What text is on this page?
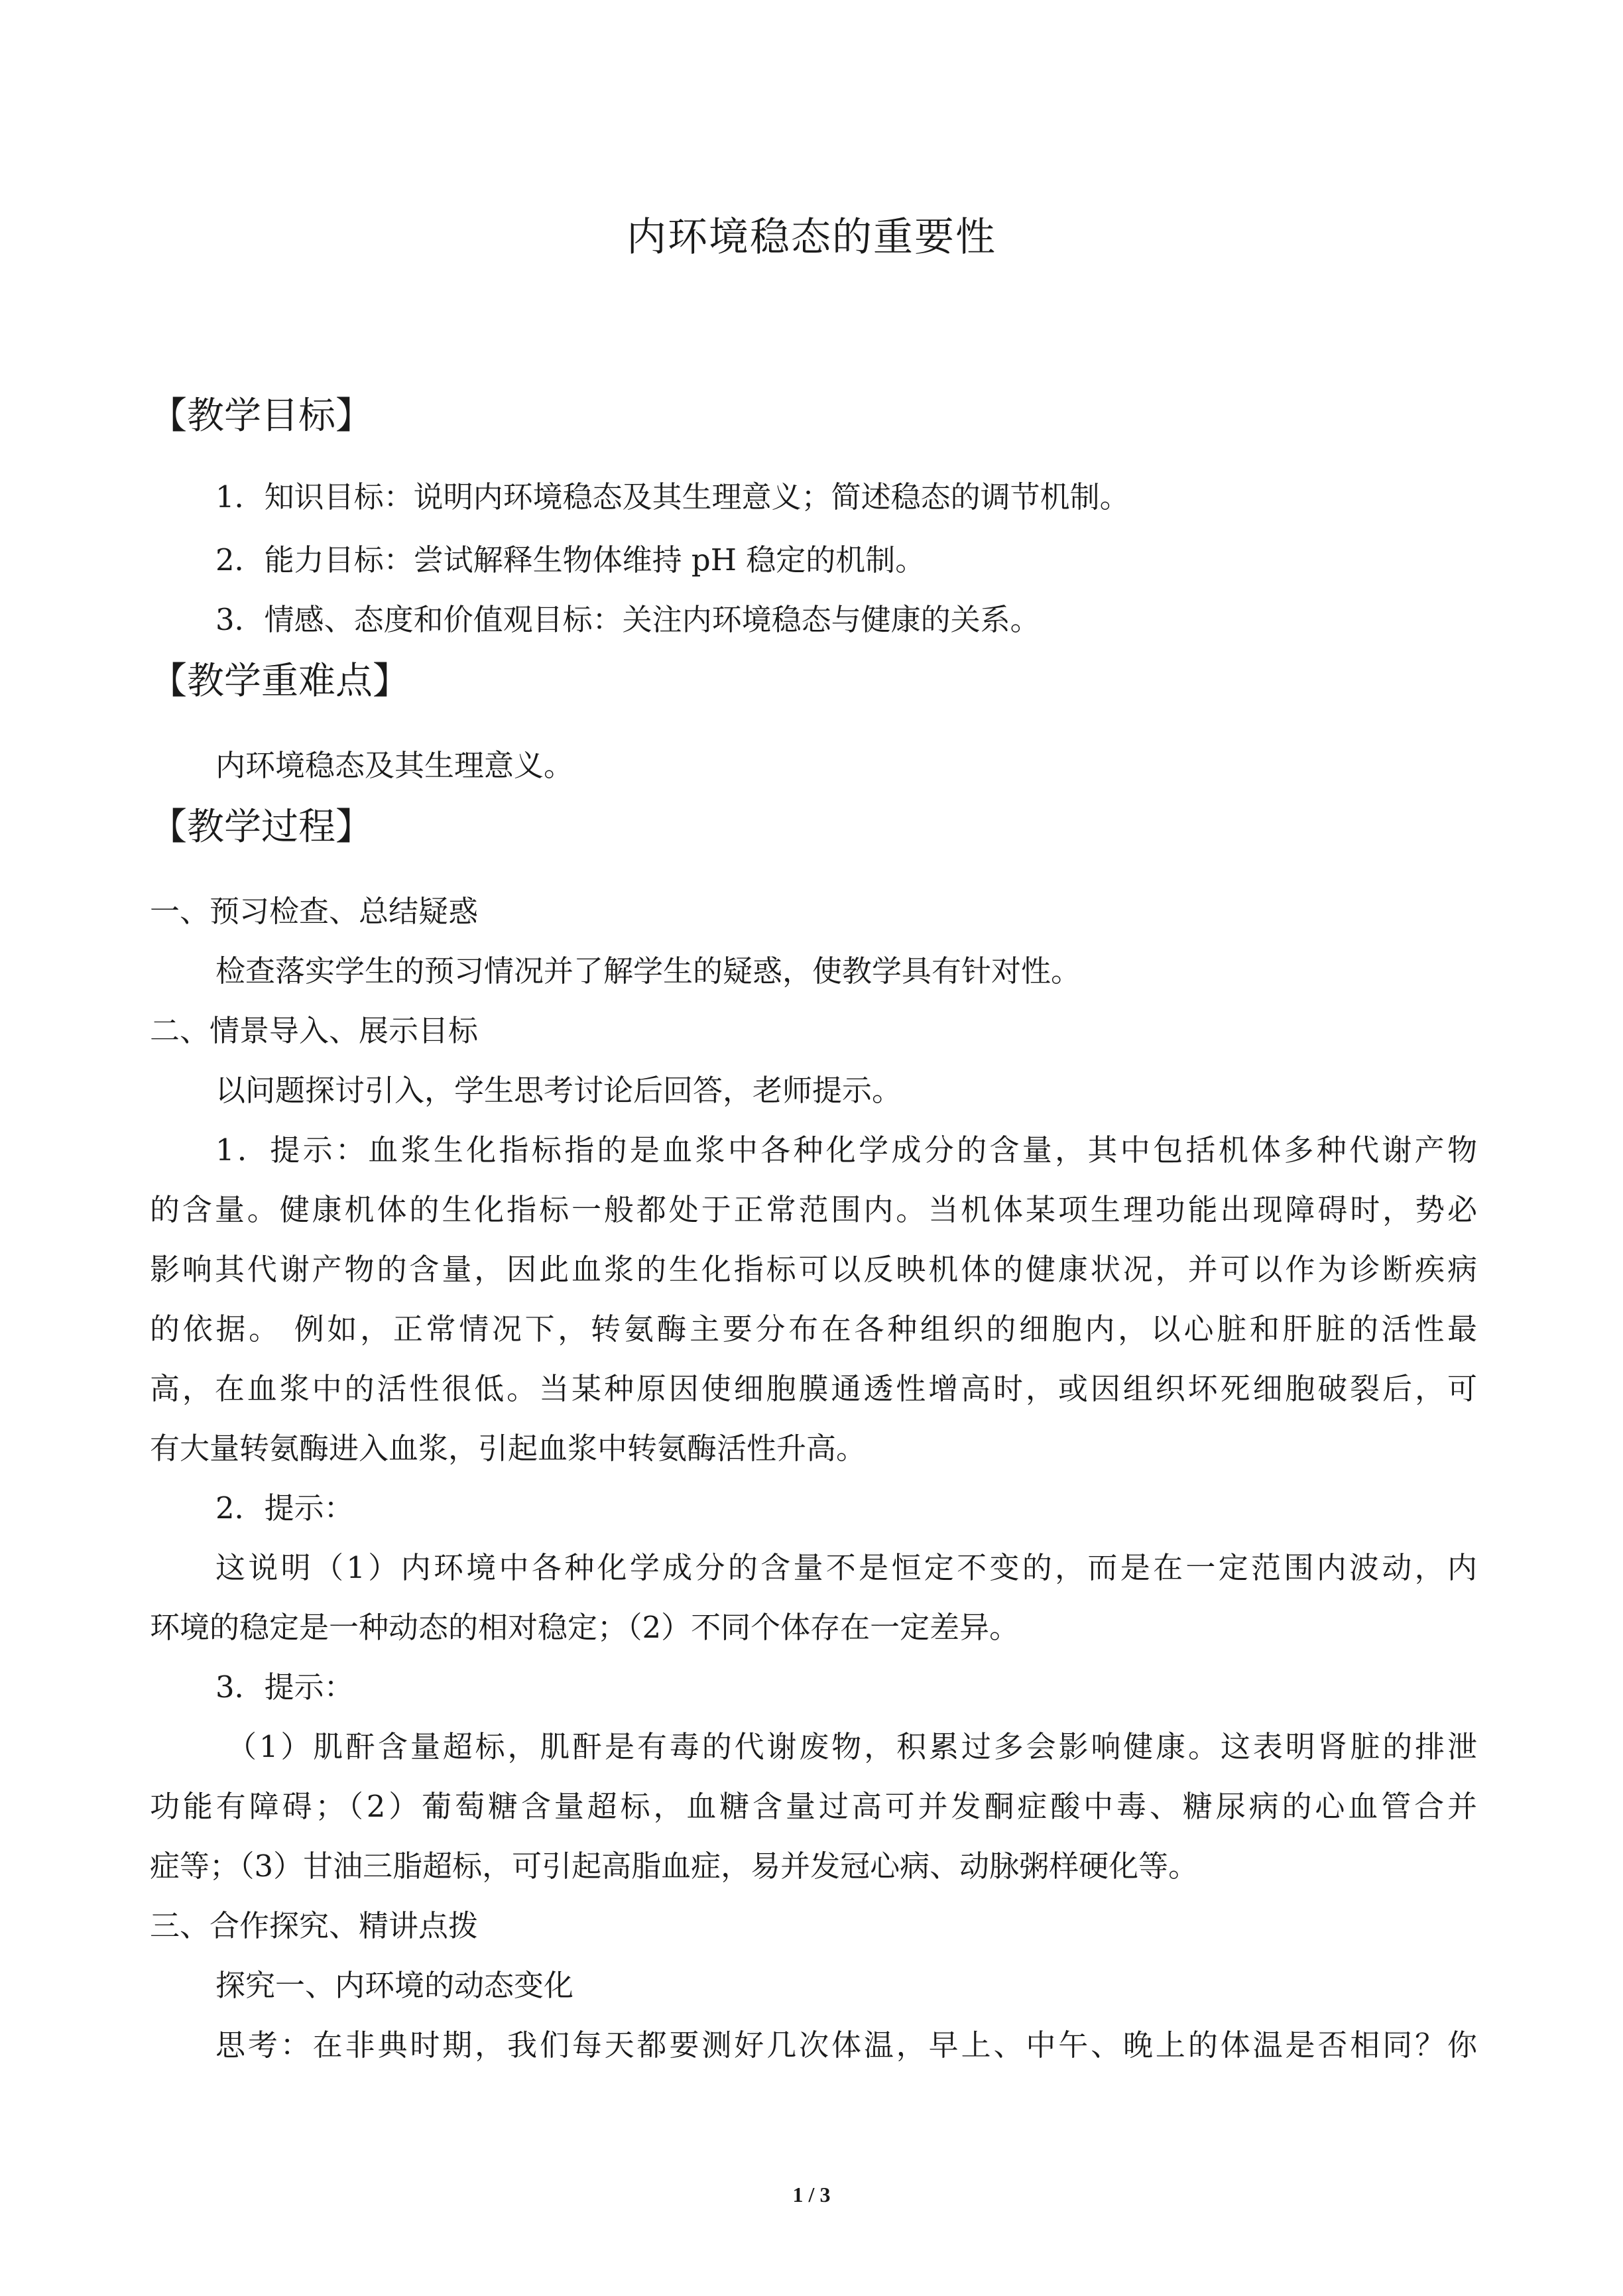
内环境稳态的重要性
【教学目标】

1．知识目标：说明内环境稳态及其生理意义；简述稳态的调节机制。

2．能力目标：尝试解释生物体维持 pH 稳定的机制。

3．情感、态度和价值观目标：关注内环境稳态与健康的关系。

【教学重难点】

内环境稳态及其生理意义。

【教学过程】

一、预习检查、总结疑惑

检查落实学生的预习情况并了解学生的疑惑，使教学具有针对性。

二、情景导入、展示目标

以问题探讨引入，学生思考讨论后回答，老师提示。

1．提示：血浆生化指标指的是血浆中各种化学成分的含量，其中包括机体多种代谢产物

的含量。健康机体的生化指标一般都处于正常范围内。当机体某项生理功能出现障碍时，势必

影响其代谢产物的含量，因此血浆的生化指标可以反映机体的健康状况，并可以作为诊断疾病

的依据。 例如，正常情况下，转氨酶主要分布在各种组织的细胞内，以心脏和肝脏的活性最

高，在血浆中的活性很低。当某种原因使细胞膜通透性增高时，或因组织坏死细胞破裂后，可

有大量转氨酶进入血浆，引起血浆中转氨酶活性升高。

2．提示：

这说明（1）内环境中各种化学成分的含量不是恒定不变的，而是在一定范围内波动，内

环境的稳定是一种动态的相对稳定；（2）不同个体存在一定差异。

3．提示：

（1）肌酐含量超标，肌酐是有毒的代谢废物，积累过多会影响健康。这表明肾脏的排泄

功能有障碍；（2）葡萄糖含量超标，血糖含量过高可并发酮症酸中毒、糖尿病的心血管合并

症等；（3）甘油三脂超标，可引起高脂血症，易并发冠心病、动脉粥样硬化等。

三、合作探究、精讲点拨

探究一、内环境的动态变化

思考：在非典时期，我们每天都要测好几次体温，早上、中午、晚上的体温是否相同？你

1 / 3
